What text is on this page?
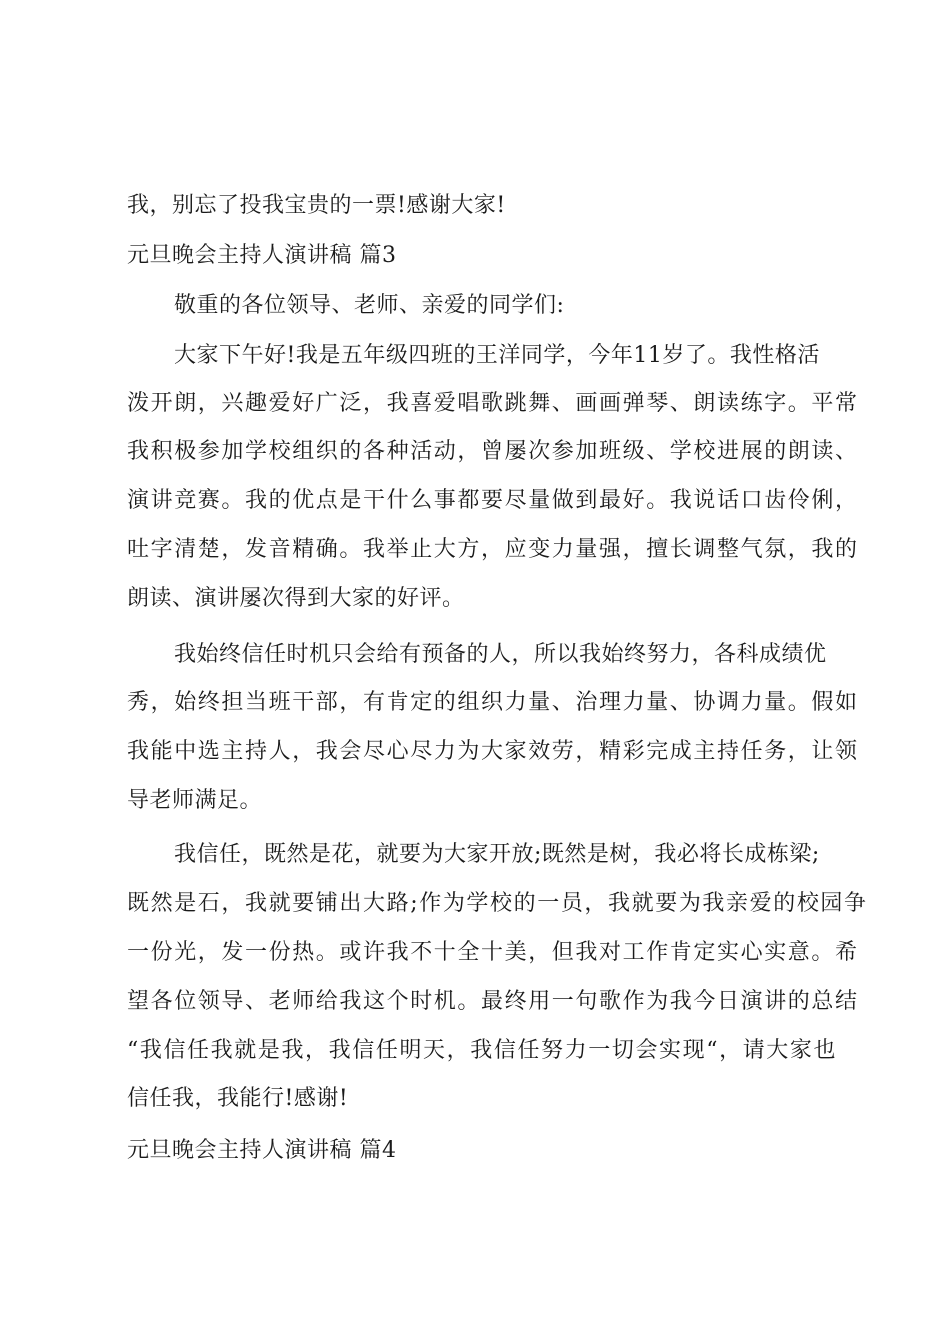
我，别忘了投我宝贵的一票!感谢大家!
元旦晚会主持人演讲稿 篇3
敬重的各位领导、老师、亲爱的同学们:
大家下午好!我是五年级四班的王洋同学，今年11岁了。我性格活
泼开朗，兴趣爱好广泛，我喜爱唱歌跳舞、画画弹琴、朗读练字。平常
我积极参加学校组织的各种活动，曾屡次参加班级、学校进展的朗读、
演讲竞赛。我的优点是干什么事都要尽量做到最好。我说话口齿伶俐，
吐字清楚，发音精确。我举止大方，应变力量强，擅长调整气氛，我的
朗读、演讲屡次得到大家的好评。
我始终信任时机只会给有预备的人，所以我始终努力，各科成绩优
秀，始终担当班干部，有肯定的组织力量、治理力量、协调力量。假如
我能中选主持人，我会尽心尽力为大家效劳，精彩完成主持任务，让领
导老师满足。
我信任，既然是花，就要为大家开放;既然是树，我必将长成栋梁;
既然是石，我就要铺出大路;作为学校的一员，我就要为我亲爱的校园争
一份光，发一份热。或许我不十全十美，但我对工作肯定实心实意。希
望各位领导、老师给我这个时机。最终用一句歌作为我今日演讲的总结
“我信任我就是我，我信任明天，我信任努力一切会实现“，请大家也
信任我，我能行!感谢!
元旦晚会主持人演讲稿 篇4
